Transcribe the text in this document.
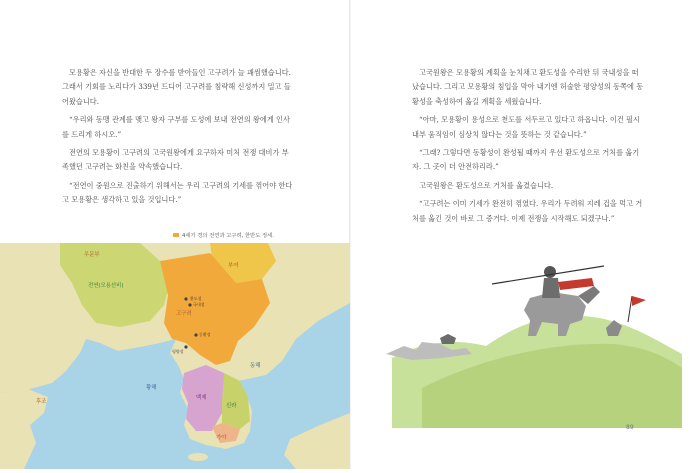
모용황은 자신을 반대한 두 장수를 받아들인 고구려가 늘 괘씸했습니다. 그래서 기회를 노리다가 339년 드디어 고구려를 침략해 신성까지 밀고 들어왔습니다.

“우리와 동맹 관계를 맺고 왕자 구부를 도성에 보내 전연의 왕에게 인사를 드리게 하시오.”

전연의 모용황이 고구려의 고국원왕에게 요구하자 미처 전쟁 대비가 부족했던 고구려는 화친을 약속했습니다.

“전연이 중원으로 진출하기 위해서는 우리 고구려의 기세를 꺾어야 한다고 모용황은 생각하고 있을 것입니다.”

4세기 경의 전연과 고구려, 한반도 정세.
우문부
전연(모용선비)
부여
고구려
환도성
국내성
동황성
평양성
황해
동해
백제
신라
가야
후조

고국원왕은 모용황의 계획을 눈치채고 환도성을 수리한 뒤 국내성을 떠났습니다. 그리고 모용황의 침입을 막아 내기엔 허술한 평양성의 동쪽에 동황성을 축성하여 옮길 계획을 세웠습니다.

“아마, 모용황이 용성으로 천도를 서두르고 있다고 하옵니다. 이건 필시 내부 움직임이 심상치 않다는 것을 뜻하는 것 같습니다.”

“그래? 그렇다면 동황성이 완성될 때까지 우선 환도성으로 거처를 옮기자. 그 곳이 더 안전하리라.”

고국원왕은 환도성으로 거처를 옮겼습니다.

“고구려는 이미 기세가 완전히 꺾였다. 우리가 두려워 지레 겁을 먹고 거처를 옮긴 것이 바로 그 증거다. 이제 전쟁을 시작해도 되겠구나.”

89
